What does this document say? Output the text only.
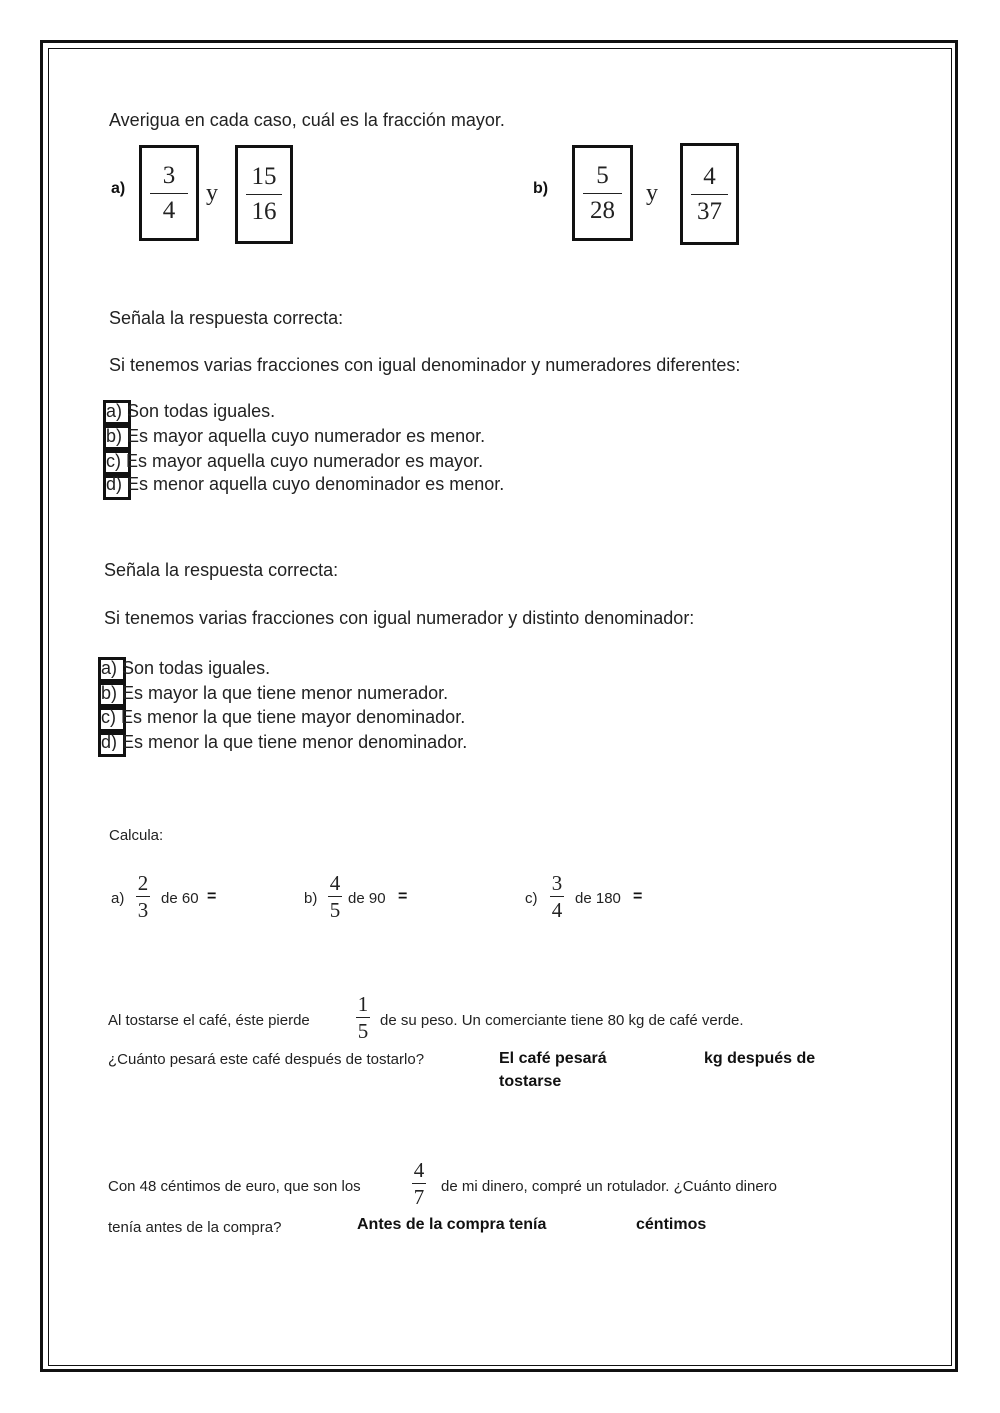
Averigua en cada caso, cuál es la fracción mayor.
a) 3
4
y
15
16
b) 5
28
y
4
37
Señala la respuesta correcta:
Si tenemos varias fracciones con igual denominador y numeradores diferentes:
a) Son todas iguales.
b) Es mayor aquella cuyo numerador es menor.
c) Es mayor aquella cuyo numerador es mayor.
d) Es menor aquella cuyo denominador es menor.
Señala la respuesta correcta:
Si tenemos varias fracciones con igual numerador y distinto denominador:
a) Son todas iguales.
b) Es mayor la que tiene menor numerador.
c) Es menor la que tiene mayor denominador.
d) Es menor la que tiene menor denominador.
Calcula:
a)
2
3 de 60 =	b)
4
5 de 90 =	c)
3
4 de 180 =
Al tostarse el café, éste pierde
1
5 de su peso. Un comerciante tiene 80 kg de café verde.
¿Cuánto pesará este café después de tostarlo?	El café pesará	kg después de
tostarse
Con 48 céntimos de euro, que son los
4
7 de mi dinero, compré un rotulador. ¿Cuánto dinero
tenía antes de la compra?	Antes de la compra tenía	céntimos
